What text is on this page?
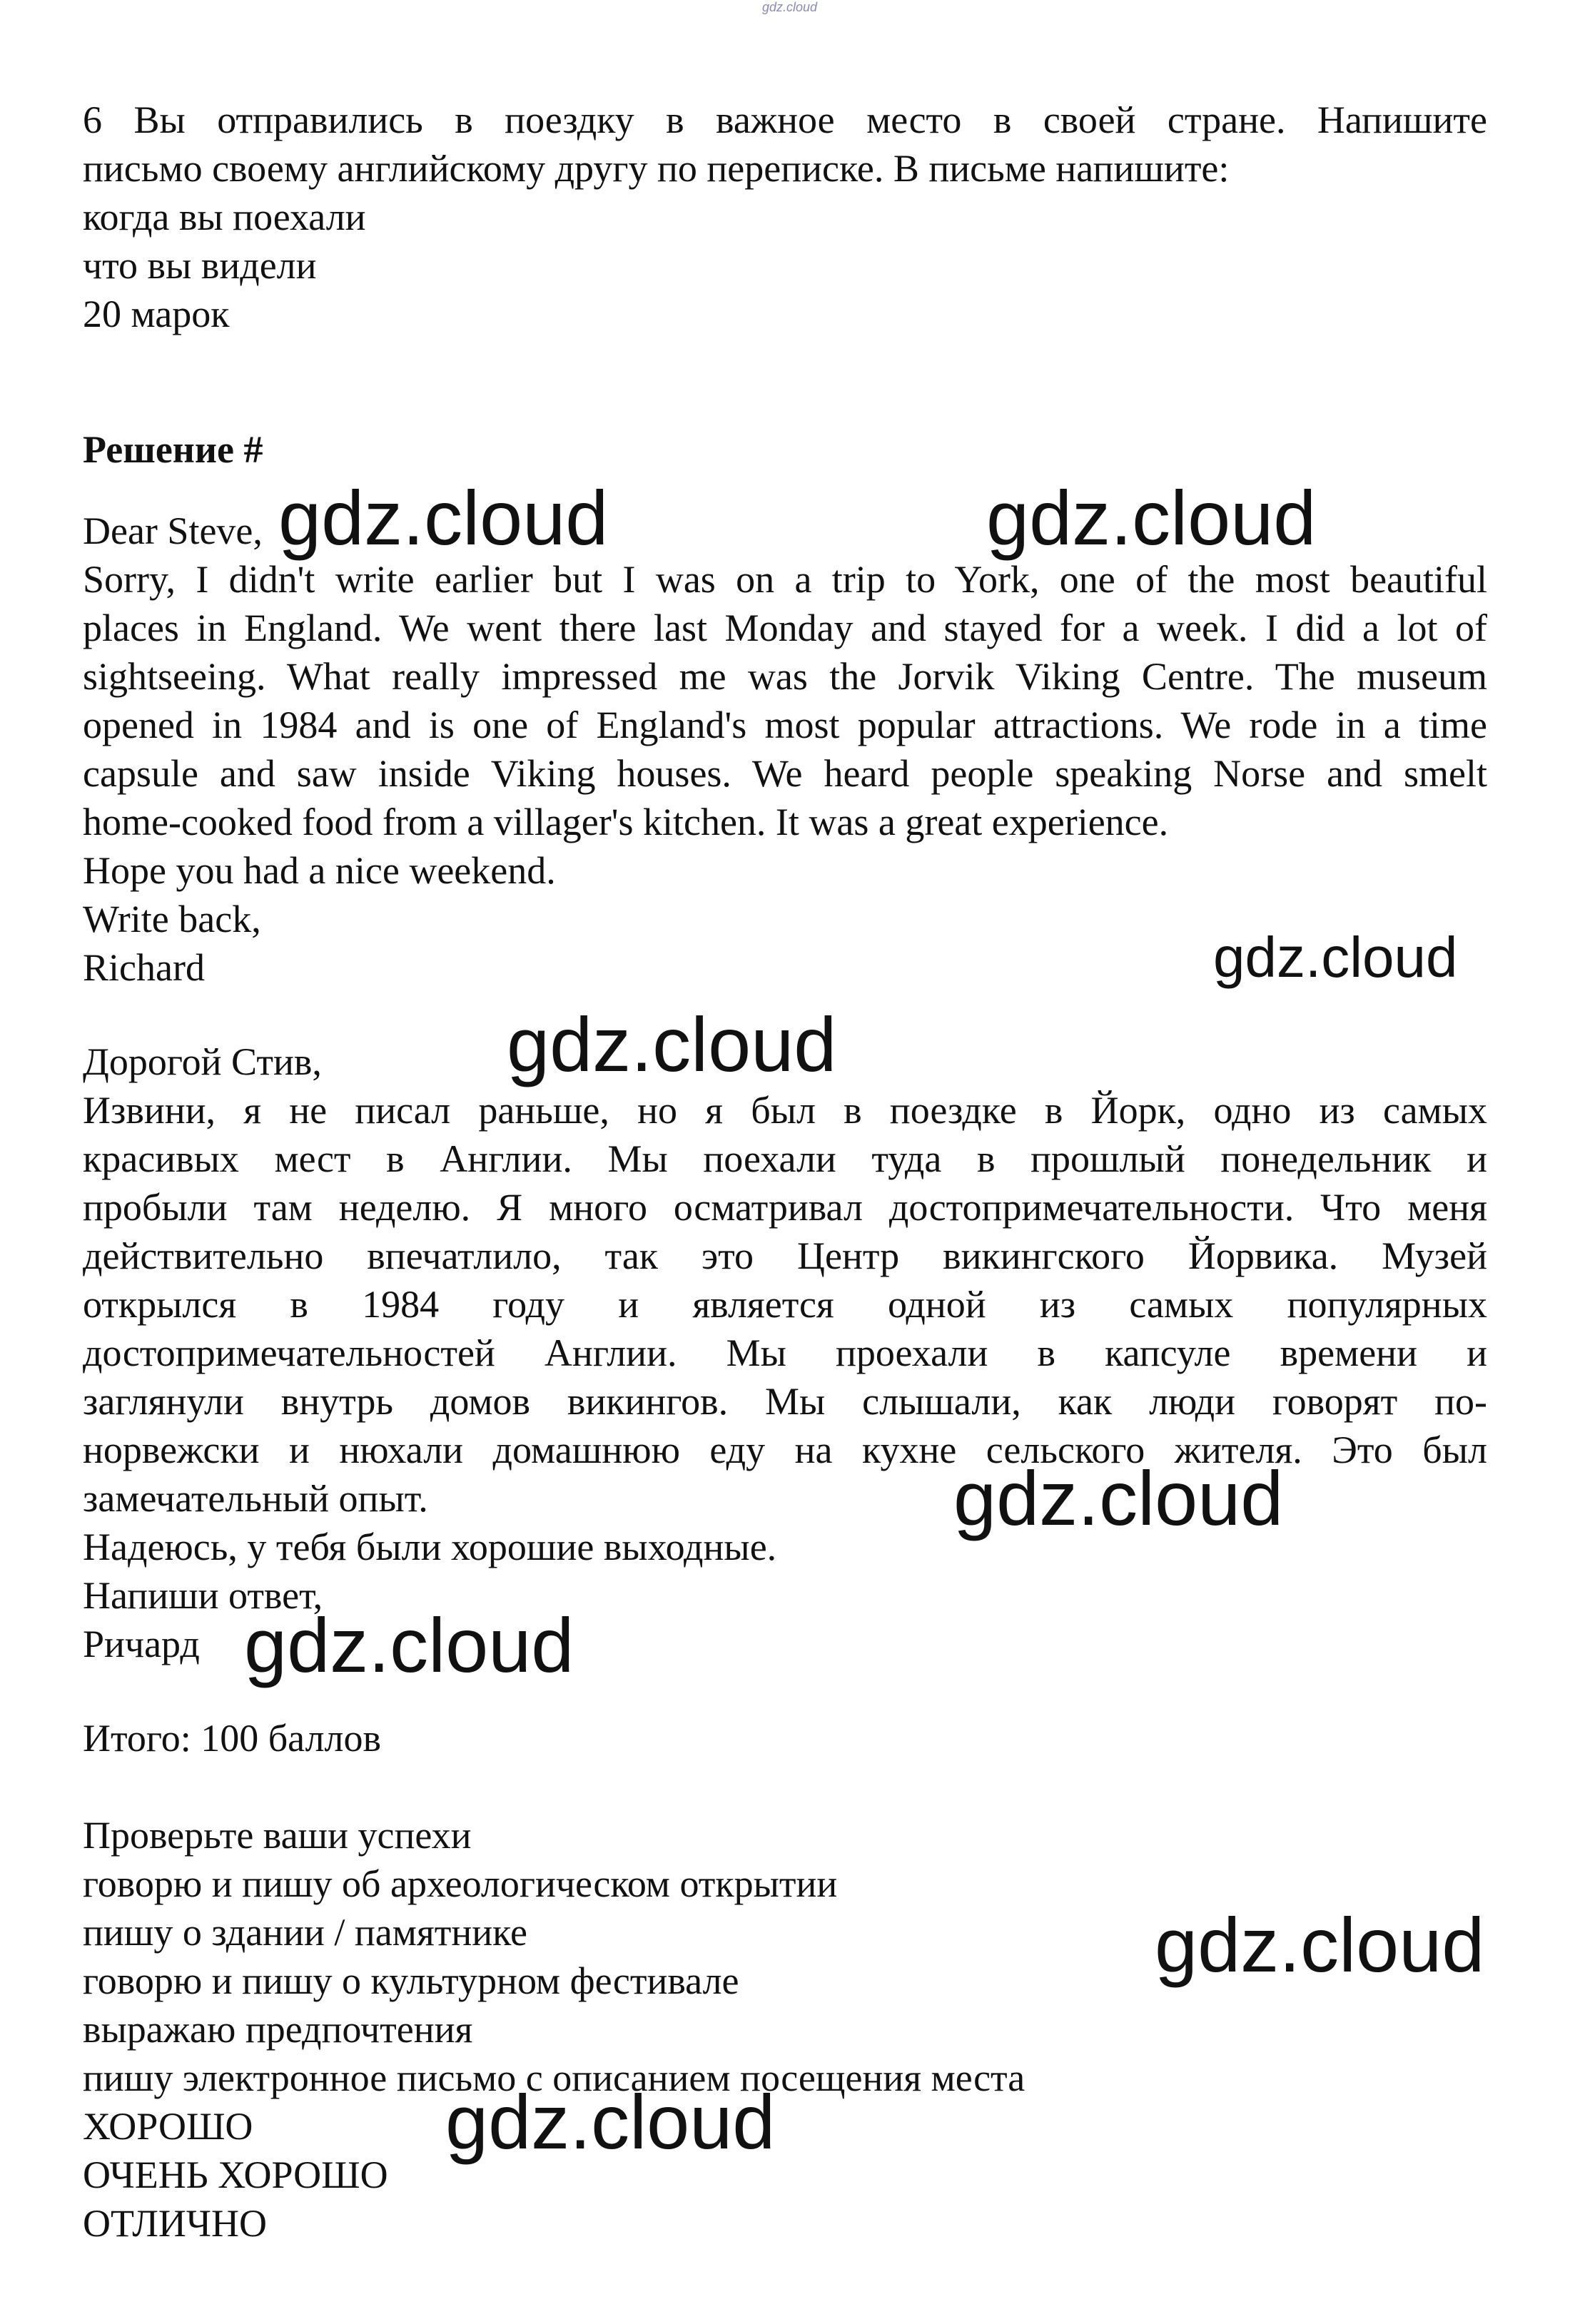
gdz.cloud
6 Вы отправились в поездку в важное место в своей стране. Напишите
письмо своему английскому другу по переписке. В письме напишите:
когда вы поехали
что вы видели
20 марок
Решение #
Dear Steve,
Sorry, I didn't write earlier but I was on a trip to York, one of the most beautiful
places in England. We went there last Monday and stayed for a week. I did a lot of
sightseeing. What really impressed me was the Jorvik Viking Centre. The museum
opened in 1984 and is one of England's most popular attractions. We rode in a time
capsule and saw inside Viking houses. We heard people speaking Norse and smelt
home-cooked food from a villager's kitchen. It was a great experience.
Hope you had a nice weekend.
Write back,
Richard
Дорогой Стив,
Извини, я не писал раньше, но я был в поездке в Йорк, одно из самых
красивых мест в Англии. Мы поехали туда в прошлый понедельник и
пробыли там неделю. Я много осматривал достопримечательности. Что меня
действительно впечатлило, так это Центр викингского Йорвика. Музей
открылся в 1984 году и является одной из самых популярных
достопримечательностей Англии. Мы проехали в капсуле времени и
заглянули внутрь домов викингов. Мы слышали, как люди говорят по-
норвежски и нюхали домашнюю еду на кухне сельского жителя. Это был
замечательный опыт.
Надеюсь, у тебя были хорошие выходные.
Напиши ответ,
Ричард
Итого: 100 баллов
Проверьте ваши успехи
говорю и пишу об археологическом открытии
пишу о здании / памятнике
говорю и пишу о культурном фестивале
выражаю предпочтения
пишу электронное письмо с описанием посещения места
ХОРОШО
ОЧЕНЬ ХОРОШО
ОТЛИЧНО
gdz.cloud	gdz.cloud
gdz.cloud
gdz.cloud
gdz.cloud
gdz.cloud
gdz.cloud
gdz.cloud
